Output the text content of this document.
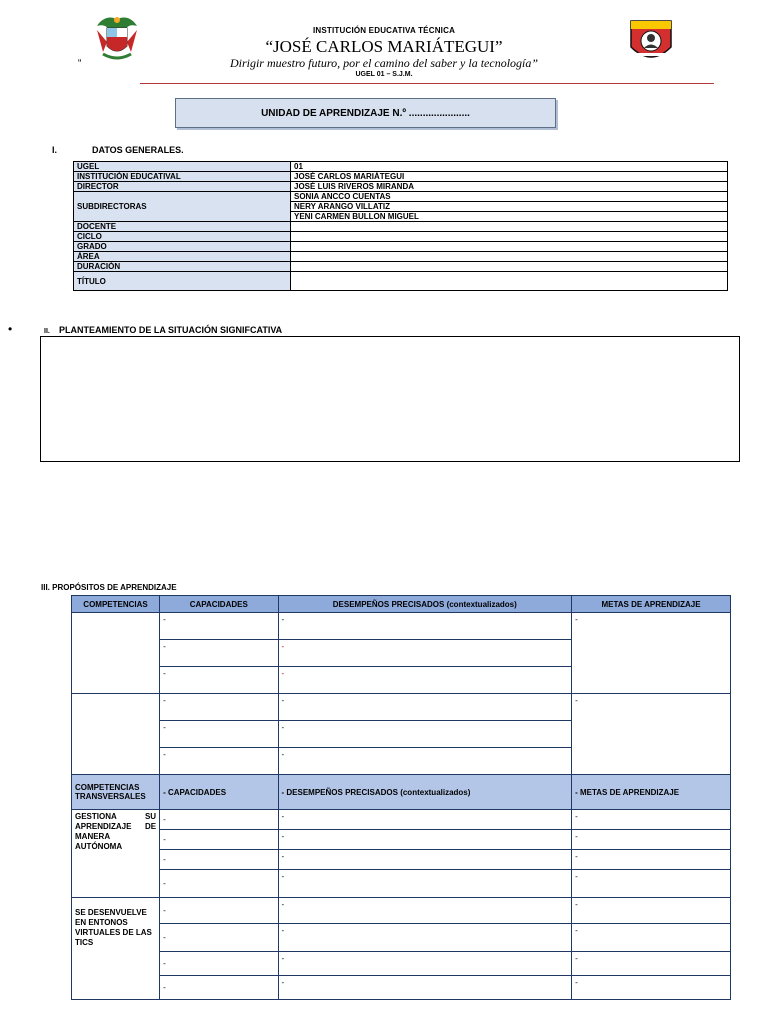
INSTITUCIÓN EDUCATIVA TÉCNICA
“JOSÉ CARLOS MARIÁTEGUI”
Dirigir muestro futuro, por el camino del saber y la tecnología”
UGEL 01 – S.J.M.
“
UNIDAD DE APRENDIZAJE N.º ......................
I.	DATOS GENERALES.
UGEL	01
INSTITUCIÓN EDUCATIVAL	JOSÉ CARLOS MARIÁTEGUI
DIRECTOR	JOSÉ LUIS RIVEROS MIRANDA
SUBDIRECTORAS	SONIA ANCCO CUENTAS
	NERY ARANGO VILLATIZ
	YENI CARMEN BULLON MIGUEL
DOCENTE	
CICLO	
GRADO	
ÁREA	
DURACIÓN	
TÍTULO	
•	II. PLANTEAMIENTO DE LA SITUACIÓN SIGNIFCATIVA
III. PROPÓSITOS DE APRENDIZAJE
COMPETENCIAS	CAPACIDADES	DESEMPEÑOS PRECISADOS (contextualizados)	METAS DE APRENDIZAJE
	-	-	-
	-	-	
	-	-	
	-	-	-
	-	-	
	-	-	
COMPETENCIAS TRANSVERSALES	- CAPACIDADES	- DESEMPEÑOS PRECISADOS (contextualizados)	- METAS DE APRENDIZAJE
GESTIONA SU APRENDIZAJE DE MANERA AUTÓNOMA	-	-	-
	-	-	-
	-	-	-
	-	-	-
SE DESENVUELVE EN ENTONOS VIRTUALES DE LAS TICS	-	-	-
	-	-	-
	-	-	-
	-	-	-
